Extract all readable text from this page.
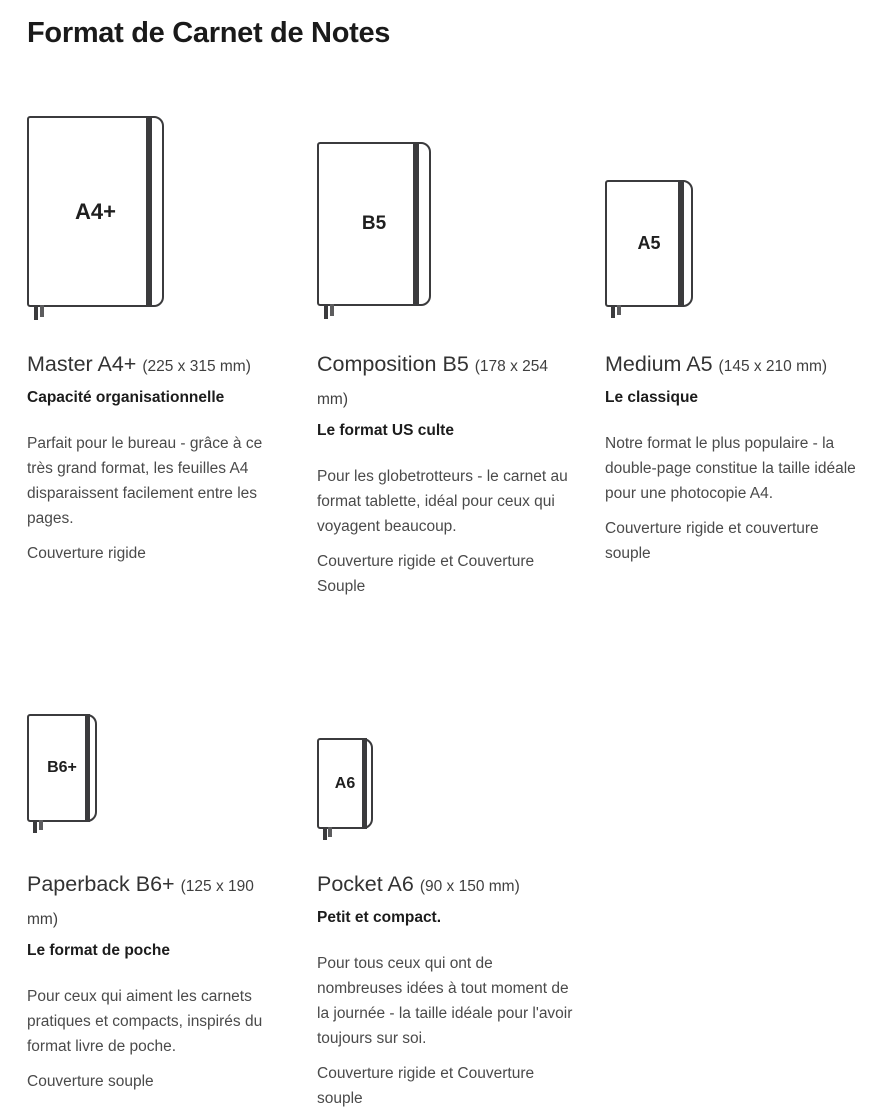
Format de Carnet de Notes
A4+
Master A4+ (225 x 315 mm)
Capacité organisationnelle

Parfait pour le bureau - grâce à ce très grand format, les feuilles A4 disparaissent facilement entre les pages.

Couverture rigide

B5
Composition B5 (178 x 254 mm)
Le format US culte

Pour les globetrotteurs - le carnet au format tablette, idéal pour ceux qui voyagent beaucoup.

Couverture rigide et Couverture Souple

A5
Medium A5 (145 x 210 mm)
Le classique

Notre format le plus populaire - la double-page constitue la taille idéale pour une photocopie A4.

Couverture rigide et couverture souple

B6+
Paperback B6+ (125 x 190 mm)
Le format de poche

Pour ceux qui aiment les carnets pratiques et compacts, inspirés du format livre de poche.

Couverture souple

A6
Pocket A6 (90 x 150 mm)
Petit et compact.

Pour tous ceux qui ont de nombreuses idées à tout moment de la journée - la taille idéale pour l'avoir toujours sur soi.

Couverture rigide et Couverture souple
